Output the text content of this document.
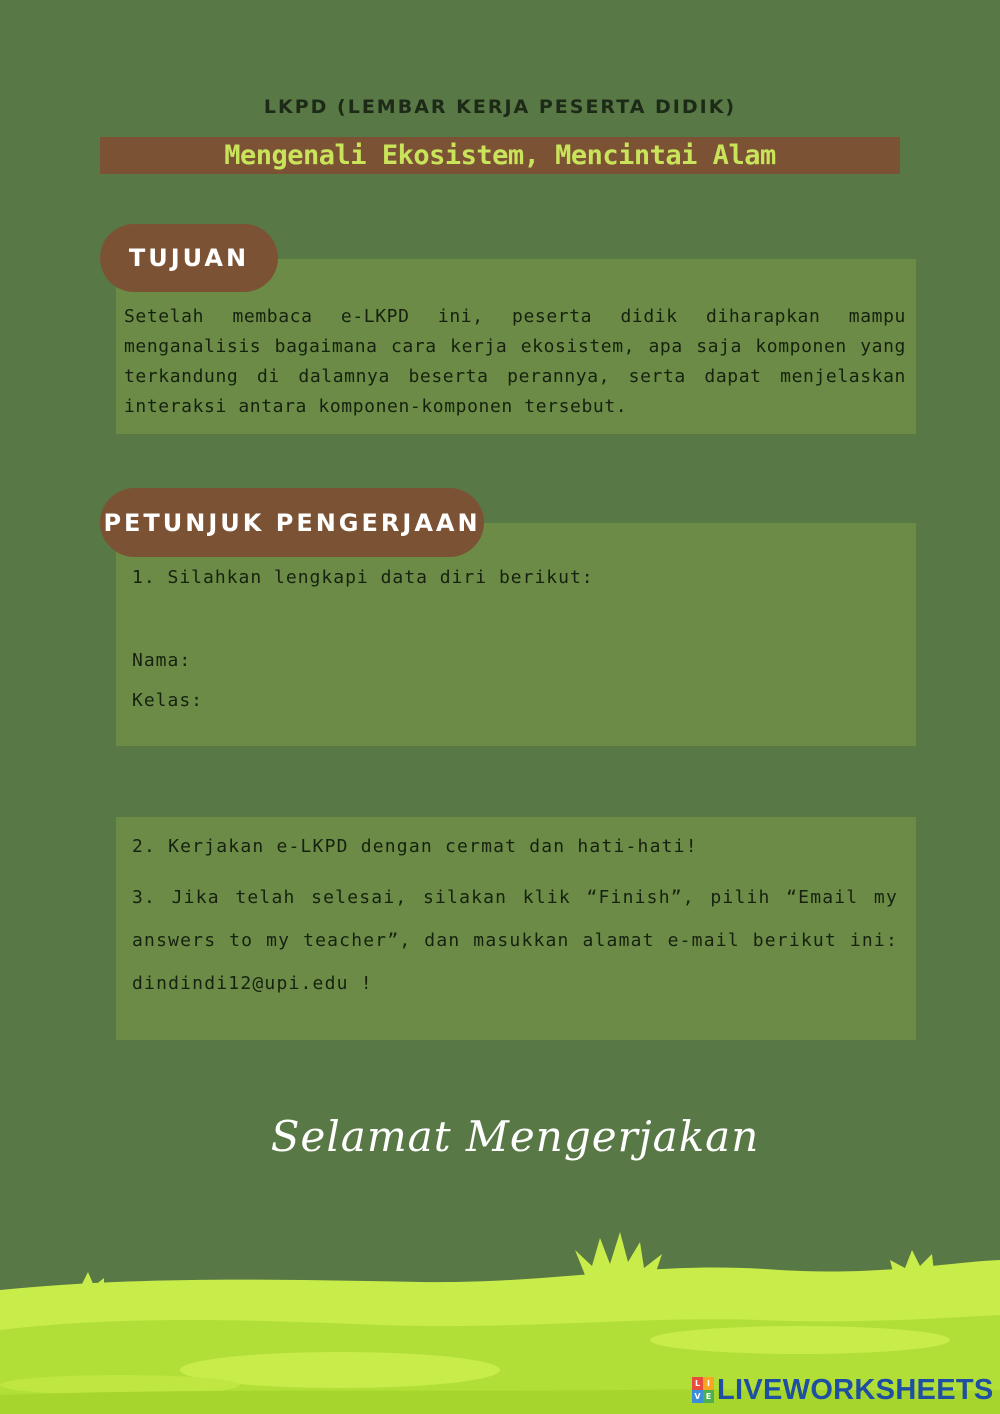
LKPD (LEMBAR KERJA PESERTA DIDIK)
Mengenali Ekosistem, Mencintai Alam
TUJUAN
Setelah membaca e-LKPD ini, peserta didik diharapkan mampu menganalisis bagaimana cara kerja ekosistem, apa saja komponen yang terkandung di dalamnya beserta perannya, serta dapat menjelaskan interaksi antara komponen-komponen tersebut.
PETUNJUK PENGERJAAN
1. Silahkan lengkapi data diri berikut:
Nama:
Kelas:
2. Kerjakan e-LKPD dengan cermat dan hati-hati!
3. Jika telah selesai, silakan klik “Finish”, pilih “Email my answers to my teacher”, dan masukkan alamat e-mail berikut ini: dindindi12@upi.edu !
Selamat Mengerjakan
L I
V E LIVEWORKSHEETS
